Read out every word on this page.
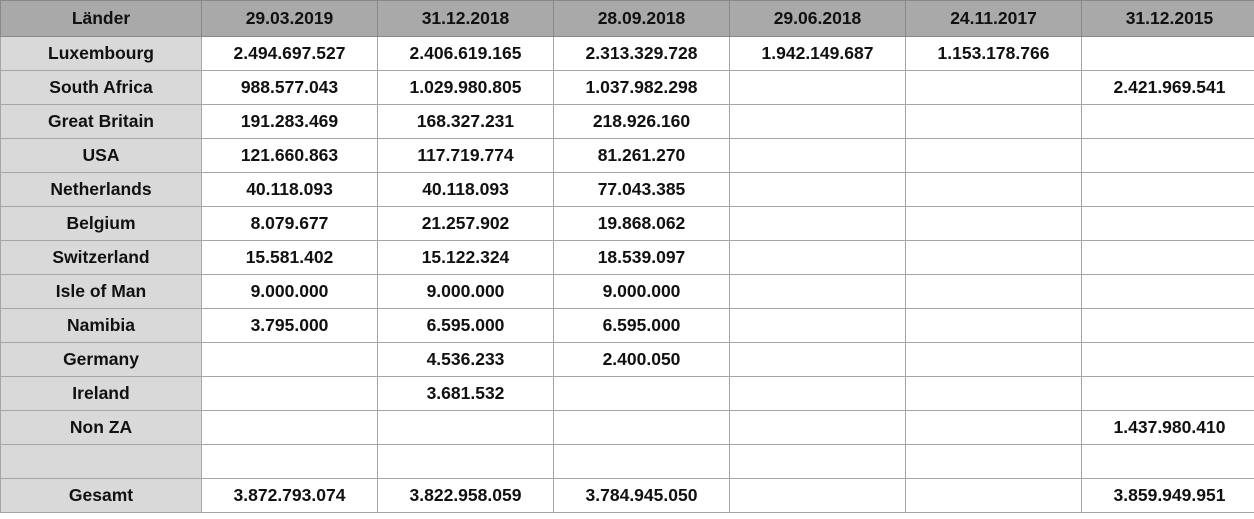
Länder	29.03.2019	31.12.2018	28.09.2018	29.06.2018	24.11.2017	31.12.2015
Luxembourg	2.494.697.527	2.406.619.165	2.313.329.728	1.942.149.687	1.153.178.766	
South Africa	988.577.043	1.029.980.805	1.037.982.298			2.421.969.541
Great Britain	191.283.469	168.327.231	218.926.160			
USA	121.660.863	117.719.774	81.261.270			
Netherlands	40.118.093	40.118.093	77.043.385			
Belgium	8.079.677	21.257.902	19.868.062			
Switzerland	15.581.402	15.122.324	18.539.097			
Isle of Man	9.000.000	9.000.000	9.000.000			
Namibia	3.795.000	6.595.000	6.595.000			
Germany		4.536.233	2.400.050			
Ireland		3.681.532				
Non ZA						1.437.980.410

Gesamt	3.872.793.074	3.822.958.059	3.784.945.050			3.859.949.951
